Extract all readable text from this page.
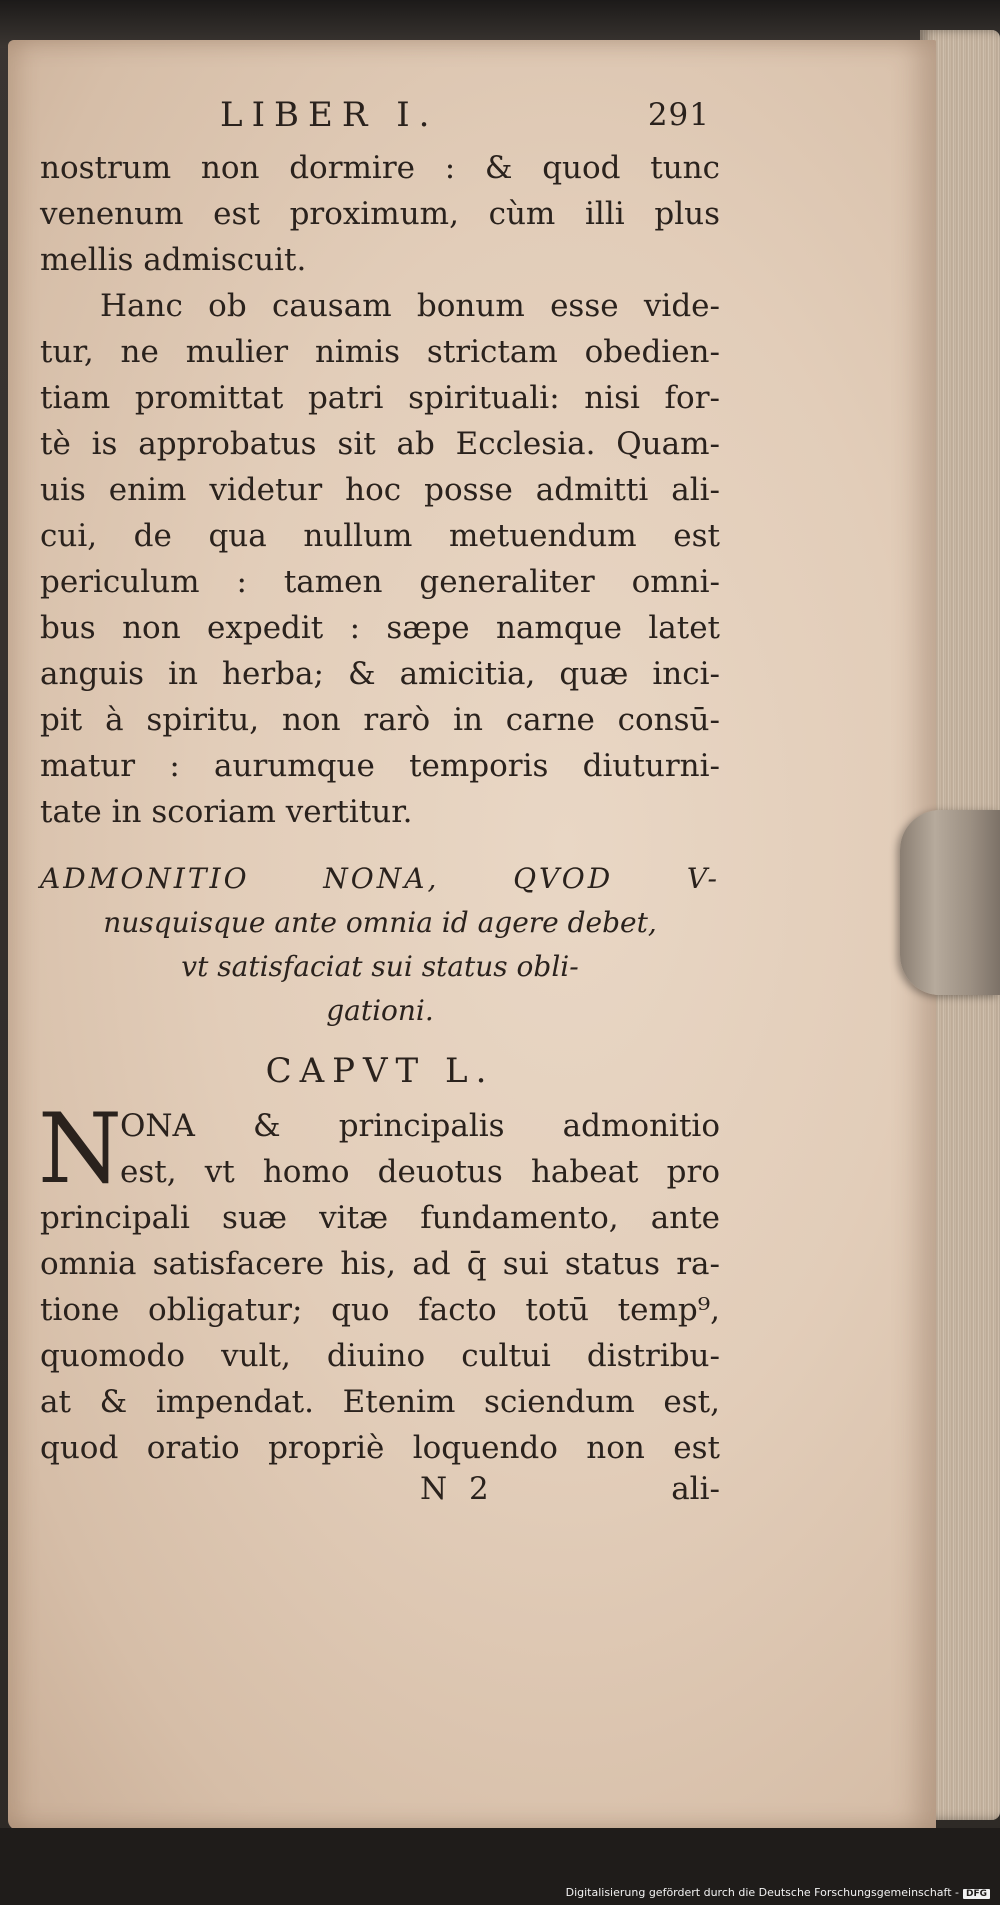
LIBER I.	291
nostrum non dormire : & quod tunc
venenum est proximum, cùm illi plus
mellis admiscuit.
Hanc ob causam bonum esse vide-
tur, ne mulier nimis strictam obedien-
tiam promittat patri spirituali: nisi for-
tè is approbatus sit ab Ecclesia. Quam-
uis enim videtur hoc posse admitti ali-
cui, de qua nullum metuendum est
periculum : tamen generaliter omni-
bus non expedit : sæpe namque latet
anguis in herba; & amicitia, quæ inci-
pit à spiritu, non rarò in carne consū-
matur : aurumque temporis diuturni-
tate in scoriam vertitur.
ADMONITIO NONA, QVOD V-
nusquisque ante omnia id agere debet,
vt satisfaciat sui status obli-
gationi.
CAPVT L.
N
ONA & principalis admonitio
est, vt homo deuotus habeat pro
principali suæ vitæ fundamento, ante
omnia satisfacere his, ad q̄ sui status ra-
tione obligatur; quo facto totū temp⁹,
quomodo vult, diuino cultui distribu-
at & impendat. Etenim sciendum est,
quod oratio propriè loquendo non est
N 2	ali-
Digitalisierung gefördert durch die Deutsche Forschungsgemeinschaft - DFG
